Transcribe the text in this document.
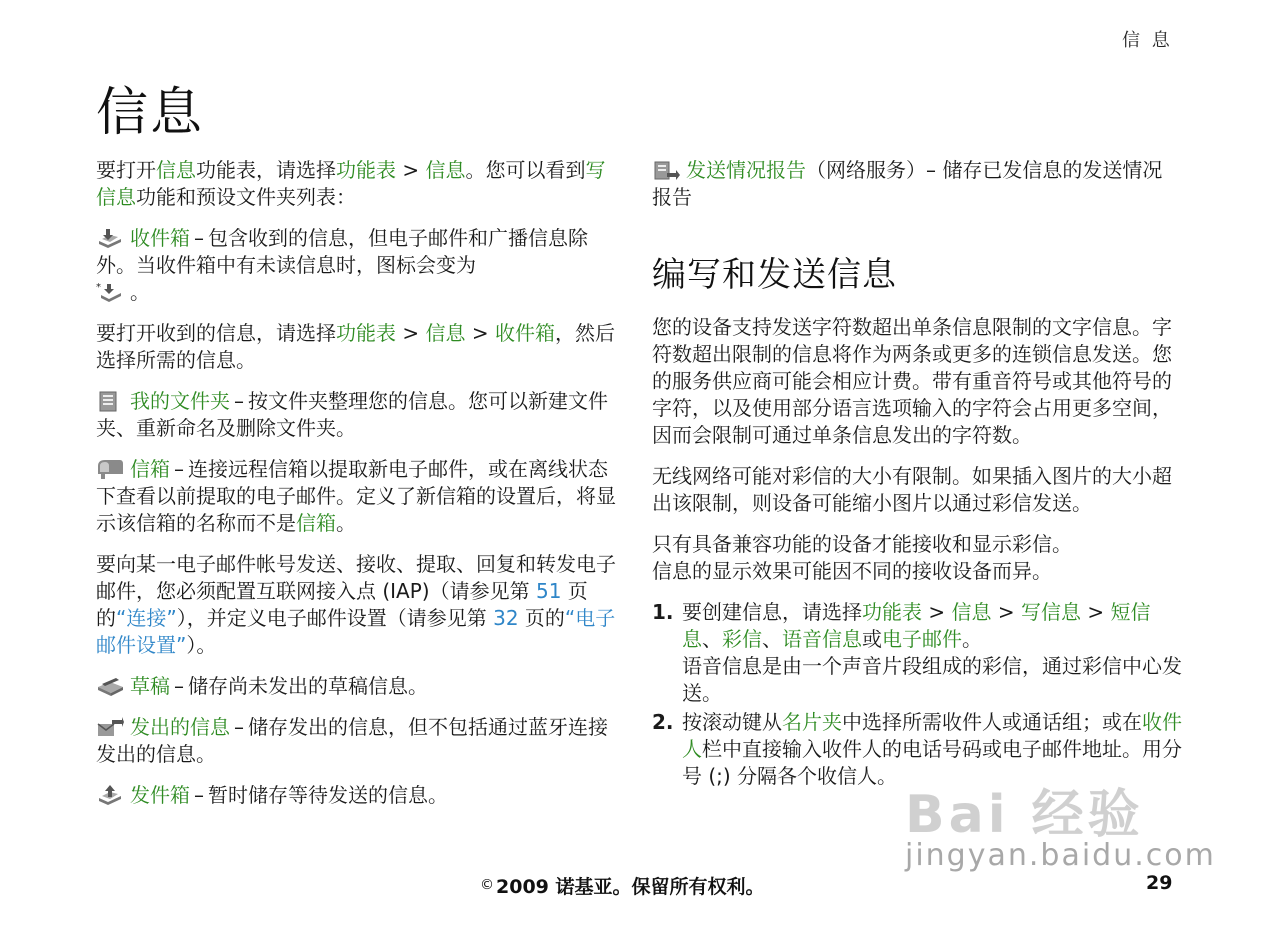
信 息
信息

要打开信息功能表，请选择功能表 > 信息。您可以看到写信息功能和预设文件夹列表：

收件箱 – 包含收到的信息，但电子邮件和广播信息除外。当收件箱中有未读信息时，图标会变为

* 。

要打开收到的信息，请选择功能表 > 信息 > 收件箱，然后选择所需的信息。

我的文件夹 – 按文件夹整理您的信息。您可以新建文件夹、重新命名及删除文件夹。

信箱 – 连接远程信箱以提取新电子邮件，或在离线状态下查看以前提取的电子邮件。定义了新信箱的设置后，将显示该信箱的名称而不是信箱。

要向某一电子邮件帐号发送、接收、提取、回复和转发电子邮件，您必须配置互联网接入点 (IAP)（请参见第 51 页的“连接”），并定义电子邮件设置（请参见第 32 页的“电子邮件设置”）。

草稿 – 储存尚未发出的草稿信息。

发出的信息 – 储存发出的信息，但不包括通过蓝牙连接发出的信息。

发件箱 – 暂时储存等待发送的信息。

发送情况报告（网络服务）– 储存已发信息的发送情况报告

编写和发送信息

您的设备支持发送字符数超出单条信息限制的文字信息。字符数超出限制的信息将作为两条或更多的连锁信息发送。您的服务供应商可能会相应计费。带有重音符号或其他符号的字符，以及使用部分语言选项输入的字符会占用更多空间，因而会限制可通过单条信息发出的字符数。

无线网络可能对彩信的大小有限制。如果插入图片的大小超出该限制，则设备可能缩小图片以通过彩信发送。

只有具备兼容功能的设备才能接收和显示彩信。
信息的显示效果可能因不同的接收设备而异。

1. 要创建信息，请选择功能表 > 信息 > 写信息 > 短信息、彩信、语音信息或电子邮件。
语音信息是由一个声音片段组成的彩信，通过彩信中心发送。
2. 按滚动键从名片夹中选择所需收件人或通话组；或在收件人栏中直接输入收件人的电话号码或电子邮件地址。用分号 (;) 分隔各个收信人。
Bai 经验
jingyan.baidu.com
© 2009 诺基亚。保留所有权利。	29
